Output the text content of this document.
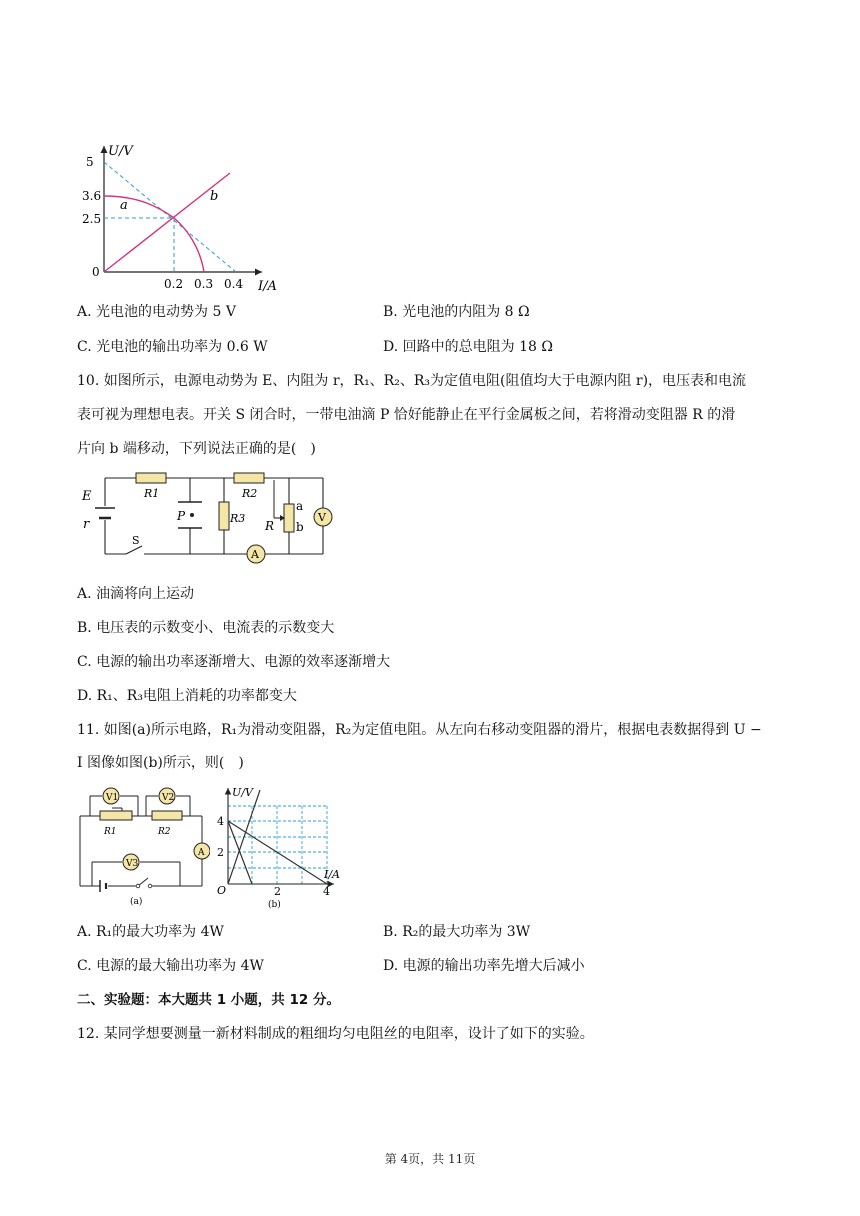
U/V
I/A
5
3.6
2.5
0
0.2 0.3 0.4
a
b
A. 光电池的电动势为 5 V	B. 光电池的内阻为 8 Ω
C. 光电池的输出功率为 0.6 W	D. 回路中的总电阻为 18 Ω
10. 如图所示，电源电动势为 E、内阻为 r，R₁、R₂、R₃为定值电阻(阻值均大于电源内阻 r)，电压表和电流
表可视为理想电表。开关 S 闭合时，一带电油滴 P 恰好能静止在平行金属板之间，若将滑动变阻器 R 的滑
片向 b 端移动，下列说法正确的是(　)
E
r
R1	R2
R3
R
a
b
P
S
V
A
A. 油滴将向上运动
B. 电压表的示数变小、电流表的示数变大
C. 电源的输出功率逐渐增大、电源的效率逐渐增大
D. R₁、R₃电阻上消耗的功率都变大
11. 如图(a)所示电路，R₁为滑动变阻器，R₂为定值电阻。从左向右移动变阻器的滑片，根据电表数据得到 U −
I 图像如图(b)所示，则(　)
V1	V2
V3
R1	R2
A
(a)
U/V
I/A
4
2
O	2	4
(b)
A. R₁的最大功率为 4W	B. R₂的最大功率为 3W
C. 电源的最大输出功率为 4W	D. 电源的输出功率先增大后减小
二、实验题：本大题共 1 小题，共 12 分。
12. 某同学想要测量一新材料制成的粗细均匀电阻丝的电阻率，设计了如下的实验。
第 4页，共 11页
